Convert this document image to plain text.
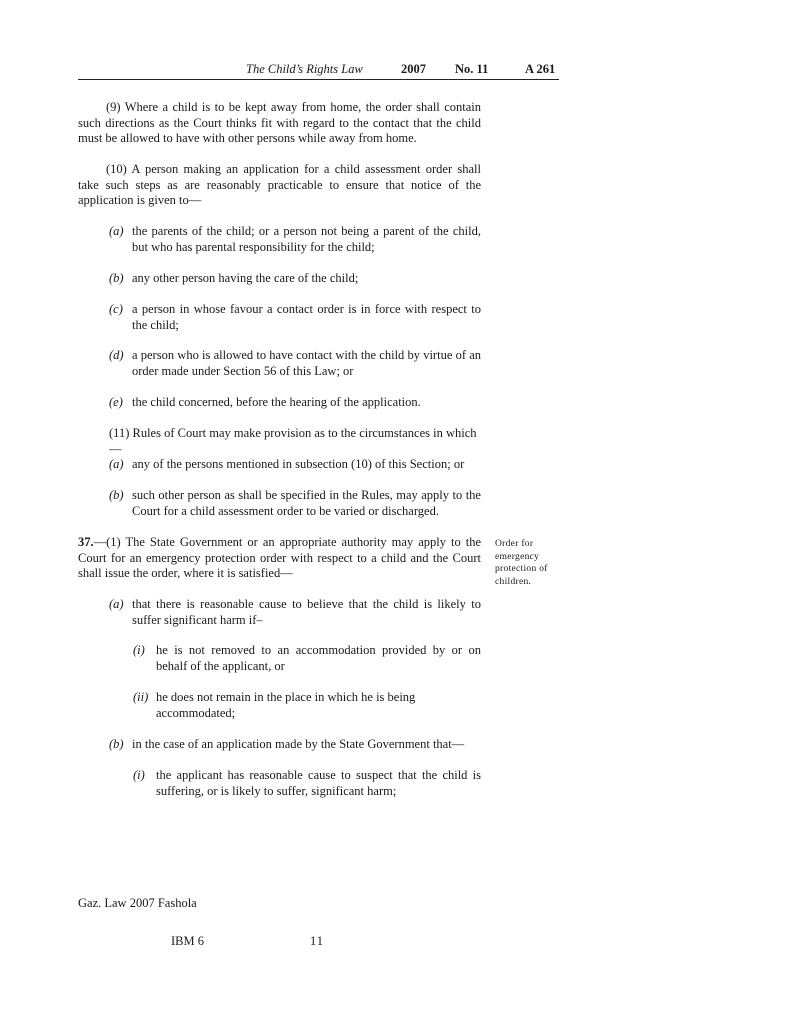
The Child’s Rights Law	2007 No. 11	A 261
(9) Where a child is to be kept away from home, the order shall contain such directions as the Court thinks fit with regard to the contact that the child must be allowed to have with other persons while away from home.
(10) A person making an application for a child assessment order shall take such steps as are reasonably practicable to ensure that notice of the application is given to—
(a) the parents of the child; or a person not being a parent of the child, but who has parental responsibility for the child;
(b) any other person having the care of the child;
(c) a person in whose favour a contact order is in force with respect to the child;
(d) a person who is allowed to have contact with the child by virtue of an order made under Section 56 of this Law; or
(e) the child concerned, before the hearing of the application.
(11) Rules of Court may make provision as to the circumstances in which—
(a) any of the persons mentioned in subsection (10) of this Section; or
(b) such other person as shall be specified in the Rules, may apply to the Court for a child assessment order to be varied or discharged.
37.—(1) The State Government or an appropriate authority may apply to the Court for an emergency protection order with respect to a child and the Court shall issue the order, where it is satisfied—
Order for emergency protection of children.
(a) that there is reasonable cause to believe that the child is likely to suffer significant harm if–
(i) he is not removed to an accommodation provided by or on behalf of the applicant, or
(ii) he does not remain in the place in which he is being accommodated;
(b) in the case of an application made by the State Government that—
(i) the applicant has reasonable cause to suspect that the child is suffering, or is likely to suffer, significant harm;
Gaz. Law 2007 Fashola
IBM 6	11
